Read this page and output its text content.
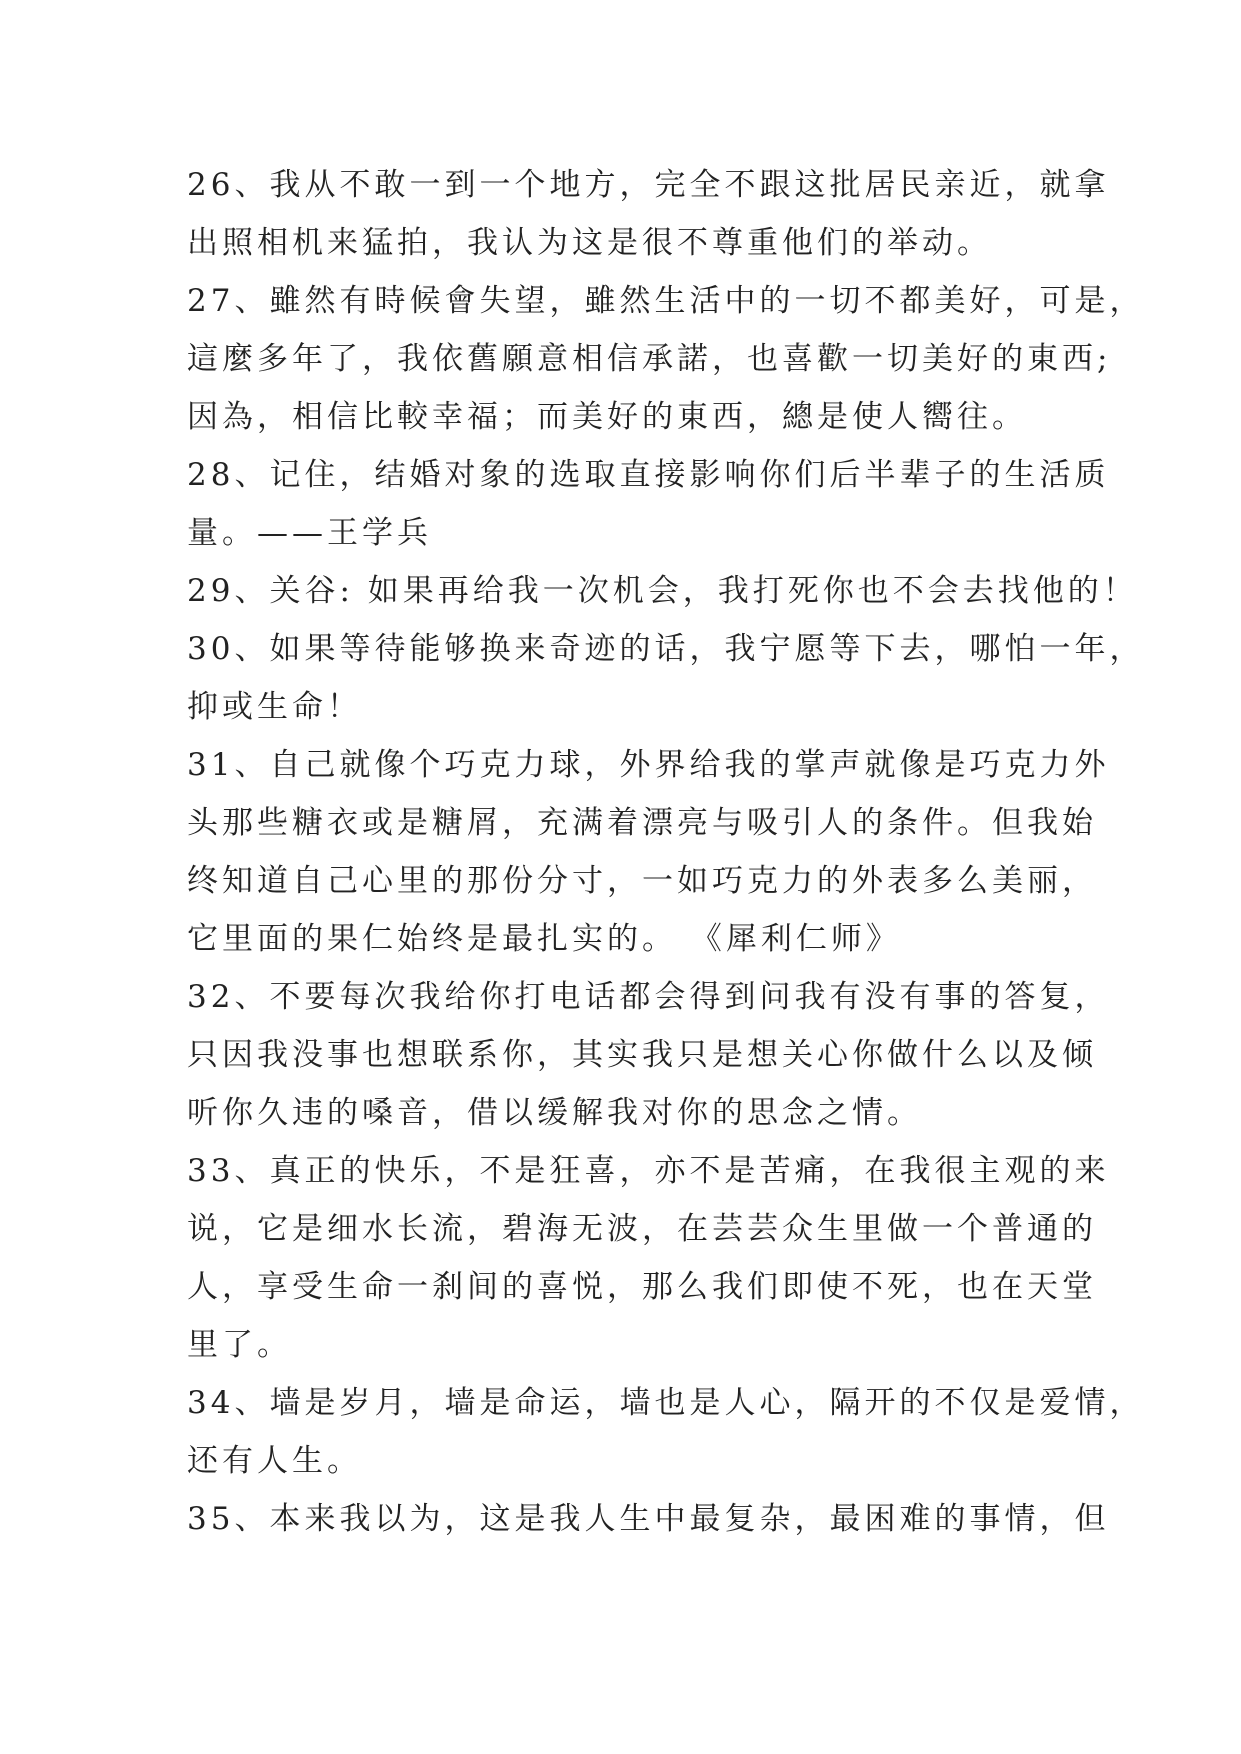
26、我从不敢一到一个地方，完全不跟这批居民亲近，就拿
出照相机来猛拍，我认为这是很不尊重他们的举动。
27、雖然有時候會失望，雖然生活中的一切不都美好，可是，
這麼多年了，我依舊願意相信承諾，也喜歡一切美好的東西;
因為，相信比較幸福；而美好的東西，總是使人嚮往。
28、记住，结婚对象的选取直接影响你们后半辈子的生活质
量。——王学兵
29、关谷: 如果再给我一次机会，我打死你也不会去找他的！
30、如果等待能够换来奇迹的话，我宁愿等下去，哪怕一年，
抑或生命！
31、自己就像个巧克力球，外界给我的掌声就像是巧克力外
头那些糖衣或是糖屑，充满着漂亮与吸引人的条件。但我始
终知道自己心里的那份分寸，一如巧克力的外表多么美丽，
它里面的果仁始终是最扎实的。 《犀利仁师》
32、不要每次我给你打电话都会得到问我有没有事的答复，
只因我没事也想联系你，其实我只是想关心你做什么以及倾
听你久违的嗓音，借以缓解我对你的思念之情。
33、真正的快乐，不是狂喜，亦不是苦痛，在我很主观的来
说，它是细水长流，碧海无波，在芸芸众生里做一个普通的
人，享受生命一刹间的喜悦，那么我们即使不死，也在天堂
里了。
34、墙是岁月，墙是命运，墙也是人心，隔开的不仅是爱情，
还有人生。
35、本来我以为，这是我人生中最复杂，最困难的事情，但
